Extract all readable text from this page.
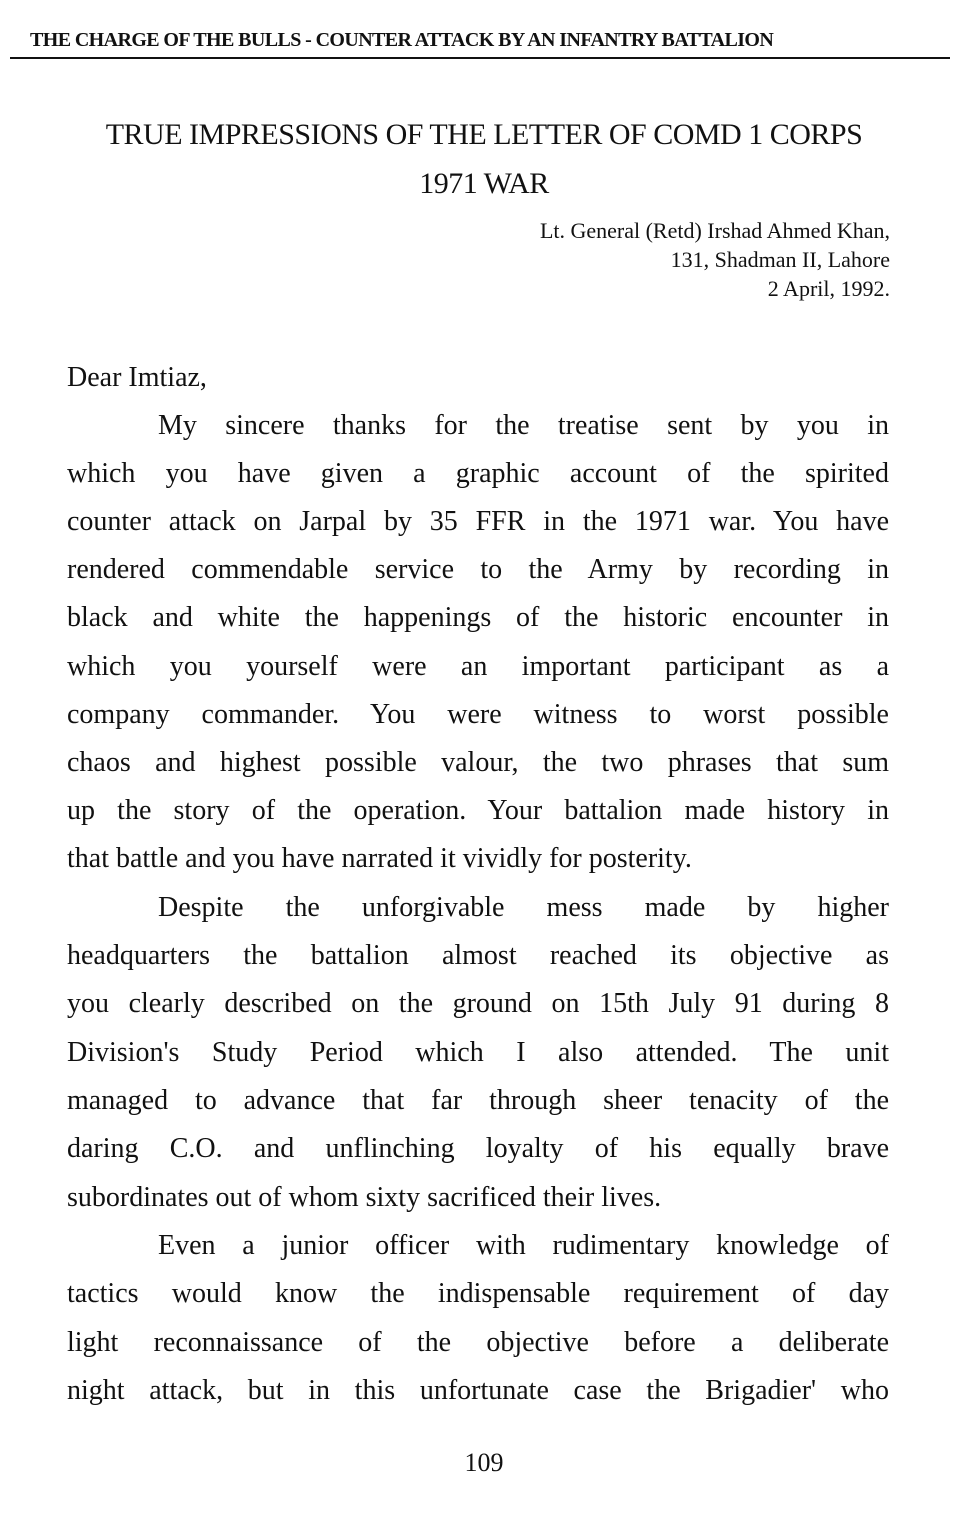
THE CHARGE OF THE BULLS - COUNTER ATTACK BY AN INFANTRY BATTALION
TRUE IMPRESSIONS OF THE LETTER OF COMD 1 CORPS
1971 WAR
Lt. General (Retd) Irshad Ahmed Khan,
131, Shadman II, Lahore
2 April, 1992.
Dear Imtiaz,
My sincere thanks for the treatise sent by you in
which you have given a graphic account of the spirited
counter attack on Jarpal by 35 FFR in the 1971 war. You have
rendered commendable service to the Army by recording in
black and white the happenings of the historic encounter in
which you yourself were an important participant as a
company commander. You were witness to worst possible
chaos and highest possible valour, the two phrases that sum
up the story of the operation. Your battalion made history in
that battle and you have narrated it vividly for posterity.
Despite the unforgivable mess made by higher
headquarters the battalion almost reached its objective as
you clearly described on the ground on 15th July 91 during 8
Division's Study Period which I also attended. The unit
managed to advance that far through sheer tenacity of the
daring C.O. and unflinching loyalty of his equally brave
subordinates out of whom sixty sacrificed their lives.
Even a junior officer with rudimentary knowledge of
tactics would know the indispensable requirement of day
light reconnaissance of the objective before a deliberate
night attack, but in this unfortunate case the Brigadier' who
109
